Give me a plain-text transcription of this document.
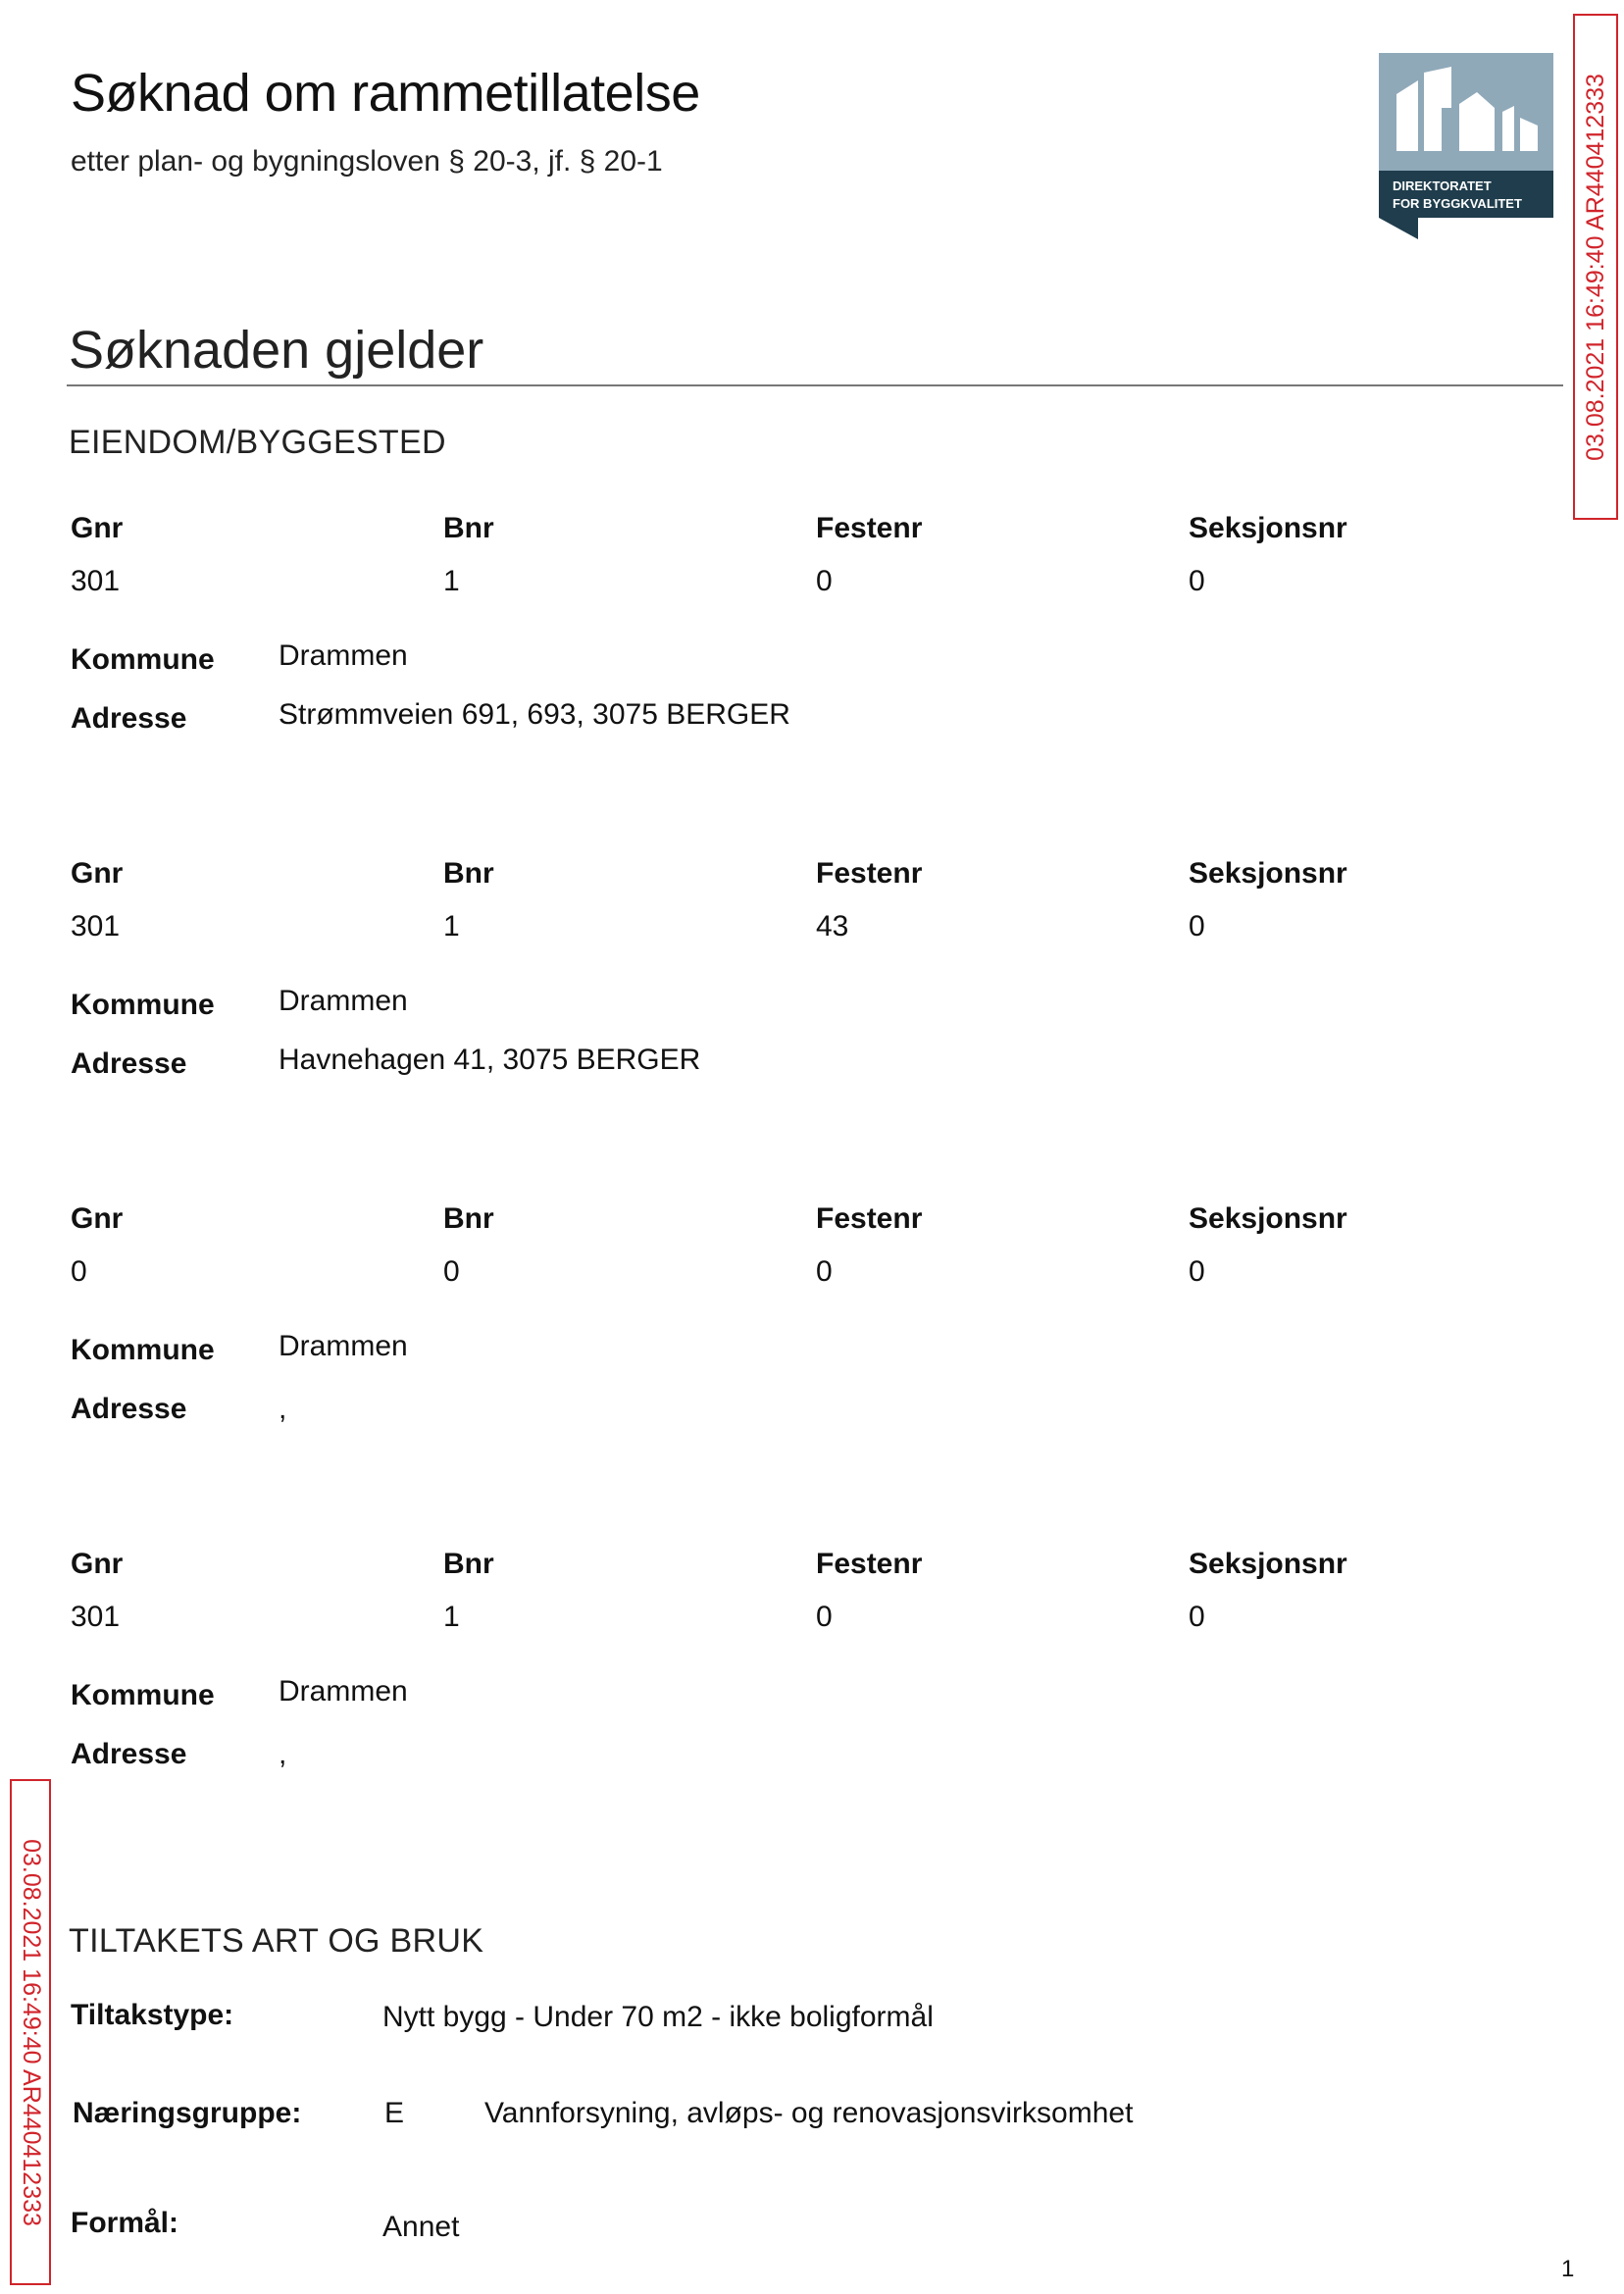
Søknad om rammetillatelse
etter plan- og bygningsloven § 20-3, jf. § 20-1
DIREKTORATET
FOR BYGGKVALITET
Søknaden gjelder
EIENDOM/BYGGESTED
Gnr	Bnr	Festenr	Seksjonsnr
301	1	0	0
Kommune Drammen
Adresse	Strømmveien 691, 693, 3075 BERGER
Gnr	Bnr	Festenr	Seksjonsnr
301	1	43	0
Kommune Drammen
Adresse	Havnehagen 41, 3075 BERGER
Gnr	Bnr	Festenr	Seksjonsnr
0	0	0	0
Kommune Drammen
Adresse	,
Gnr	Bnr	Festenr	Seksjonsnr
301	1	0	0
Kommune Drammen
Adresse	,
TILTAKETS ART OG BRUK
Tiltakstype:	Nytt bygg - Under 70 m2 - ikke boligformål
Næringsgruppe:	E	Vannforsyning, avløps- og renovasjonsvirksomhet
Formål:	Annet
03.08.2021 16:49:40 AR440412333
03.08.2021 16:49:40 AR440412333
1
